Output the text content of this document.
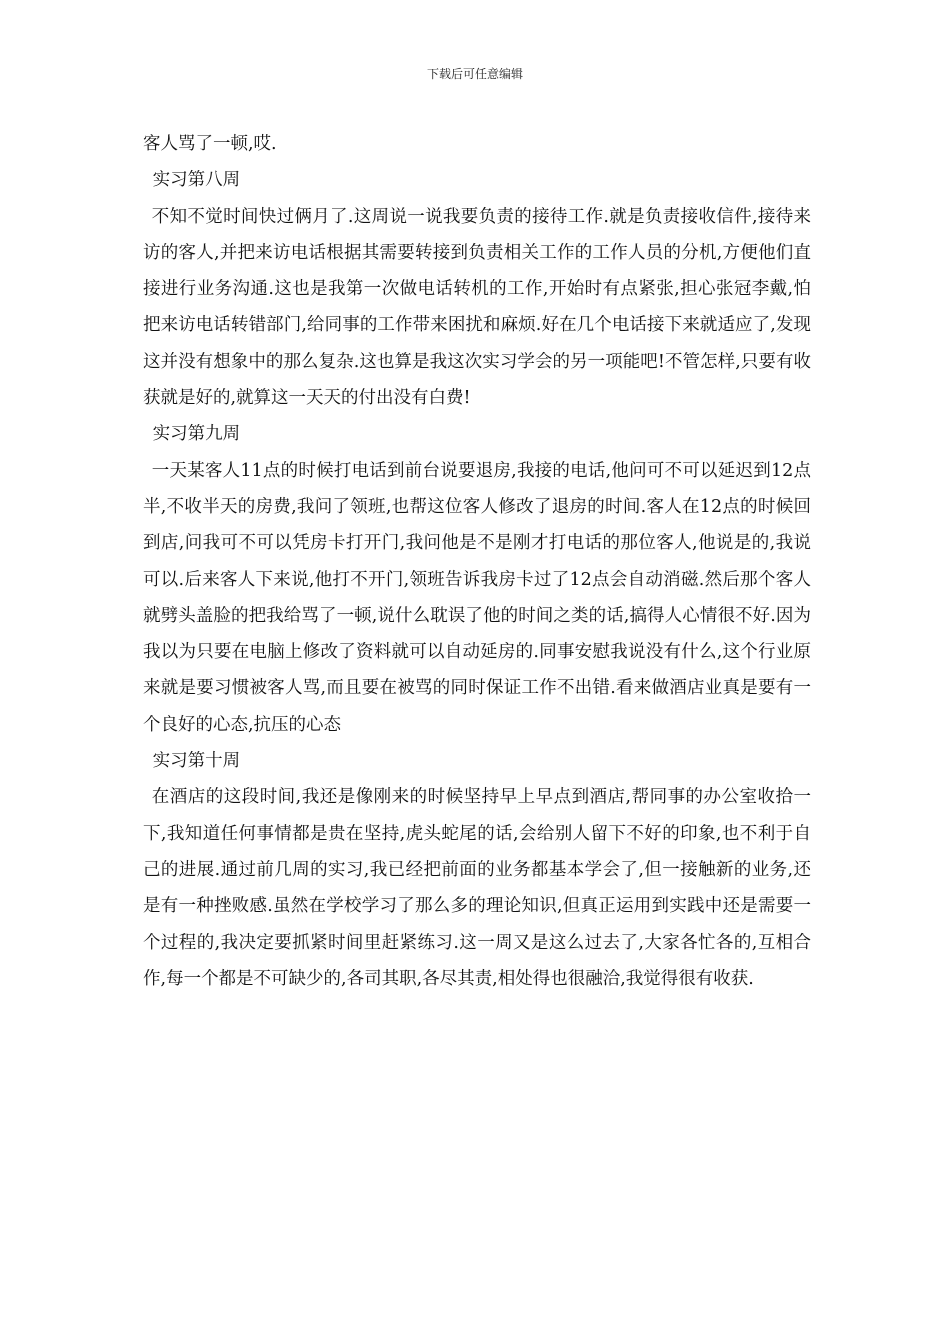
下载后可任意编辑

客人骂了一顿,哎.

实习第八周

不知不觉时间快过俩月了.这周说一说我要负责的接待工作.就是负责接收信件,接待来访的客人,并把来访电话根据其需要转接到负责相关工作的工作人员的分机,方便他们直接进行业务沟通.这也是我第一次做电话转机的工作,开始时有点紧张,担心张冠李戴,怕把来访电话转错部门,给同事的工作带来困扰和麻烦.好在几个电话接下来就适应了,发现这并没有想象中的那么复杂.这也算是我这次实习学会的另一项能吧!不管怎样,只要有收获就是好的,就算这一天天的付出没有白费!

实习第九周

一天某客人11点的时候打电话到前台说要退房,我接的电话,他问可不可以延迟到12点半,不收半天的房费,我问了领班,也帮这位客人修改了退房的时间.客人在12点的时候回到店,问我可不可以凭房卡打开门,我问他是不是刚才打电话的那位客人,他说是的,我说可以.后来客人下来说,他打不开门,领班告诉我房卡过了12点会自动消磁.然后那个客人就劈头盖脸的把我给骂了一顿,说什么耽误了他的时间之类的话,搞得人心情很不好.因为我以为只要在电脑上修改了资料就可以自动延房的.同事安慰我说没有什么,这个行业原来就是要习惯被客人骂,而且要在被骂的同时保证工作不出错.看来做酒店业真是要有一个良好的心态,抗压的心态

实习第十周

在酒店的这段时间,我还是像刚来的时候坚持早上早点到酒店,帮同事的办公室收拾一下,我知道任何事情都是贵在坚持,虎头蛇尾的话,会给别人留下不好的印象,也不利于自己的进展.通过前几周的实习,我已经把前面的业务都基本学会了,但一接触新的业务,还是有一种挫败感.虽然在学校学习了那么多的理论知识,但真正运用到实践中还是需要一个过程的,我决定要抓紧时间里赶紧练习.这一周又是这么过去了,大家各忙各的,互相合作,每一个都是不可缺少的,各司其职,各尽其责,相处得也很融洽,我觉得很有收获.
